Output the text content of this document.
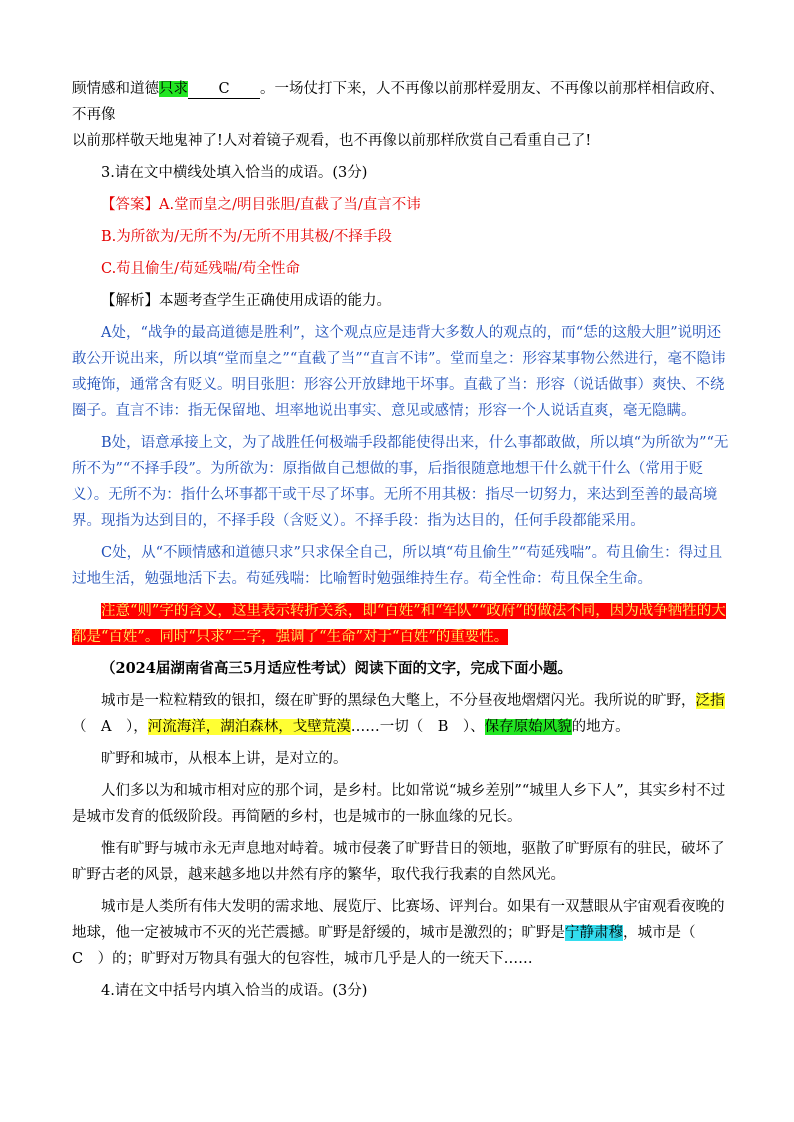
顾情感和道德只求 C 。一场仗打下来，人不再像以前那样爱朋友、不再像以前那样相信政府、不再像
以前那样敬天地鬼神了!人对着镜子观看，也不再像以前那样欣赏自己看重自己了!

3.请在文中横线处填入恰当的成语。(3分)

【答案】A.堂而皇之/明目张胆/直截了当/直言不讳

B.为所欲为/无所不为/无所不用其极/不择手段

C.苟且偷生/苟延残喘/苟全性命

【解析】本题考查学生正确使用成语的能力。

A处，“战争的最高道德是胜利”，这个观点应是违背大多数人的观点的，而“恁的这般大胆”说明还敢公开说出来，所以填“堂而皇之”“直截了当”“直言不讳”。堂而皇之：形容某事物公然进行，毫不隐讳或掩饰，通常含有贬义。明目张胆：形容公开放肆地干坏事。直截了当：形容（说话做事）爽快、不绕圈子。直言不讳：指无保留地、坦率地说出事实、意见或感情；形容一个人说话直爽，毫无隐瞒。

B处，语意承接上文，为了战胜任何极端手段都能使得出来，什么事都敢做，所以填“为所欲为”“无所不为”“不择手段”。为所欲为：原指做自己想做的事，后指很随意地想干什么就干什么（常用于贬义）。无所不为：指什么坏事都干或干尽了坏事。无所不用其极：指尽一切努力，来达到至善的最高境界。现指为达到目的，不择手段（含贬义）。不择手段：指为达目的，任何手段都能采用。

C处，从“不顾情感和道德只求”只求保全自己，所以填“苟且偷生”“苟延残喘”。苟且偷生：得过且过地生活，勉强地活下去。苟延残喘：比喻暂时勉强维持生存。苟全性命：苟且保全生命。

注意“则”字的含义，这里表示转折关系，即“百姓”和“军队”“政府”的做法不同，因为战争牺牲的大都是“百姓”。同时“只求”二字，强调了“生命”对于“百姓”的重要性。

（2024届湖南省高三5月适应性考试）阅读下面的文字，完成下面小题。

城市是一粒粒精致的银扣，缀在旷野的黑绿色大氅上，不分昼夜地熠熠闪光。我所说的旷野，泛指
（　A　），河流海洋，湖泊森林，戈壁荒漠……一切（　B　）、保存原始风貌的地方。

旷野和城市，从根本上讲，是对立的。

人们多以为和城市相对应的那个词，是乡村。比如常说“城乡差别”“城里人乡下人”，其实乡村不过是城市发育的低级阶段。再简陋的乡村，也是城市的一脉血缘的兄长。

惟有旷野与城市永无声息地对峙着。城市侵袭了旷野昔日的领地，驱散了旷野原有的驻民，破坏了旷野古老的风景，越来越多地以井然有序的繁华，取代我行我素的自然风光。

城市是人类所有伟大发明的需求地、展览厅、比赛场、评判台。如果有一双慧眼从宇宙观看夜晚的地球，他一定被城市不灭的光芒震撼。旷野是舒缓的，城市是激烈的；旷野是宁静肃穆，城市是（　C　）的；旷野对万物具有强大的包容性，城市几乎是人的一统天下……

4.请在文中括号内填入恰当的成语。(3分)
